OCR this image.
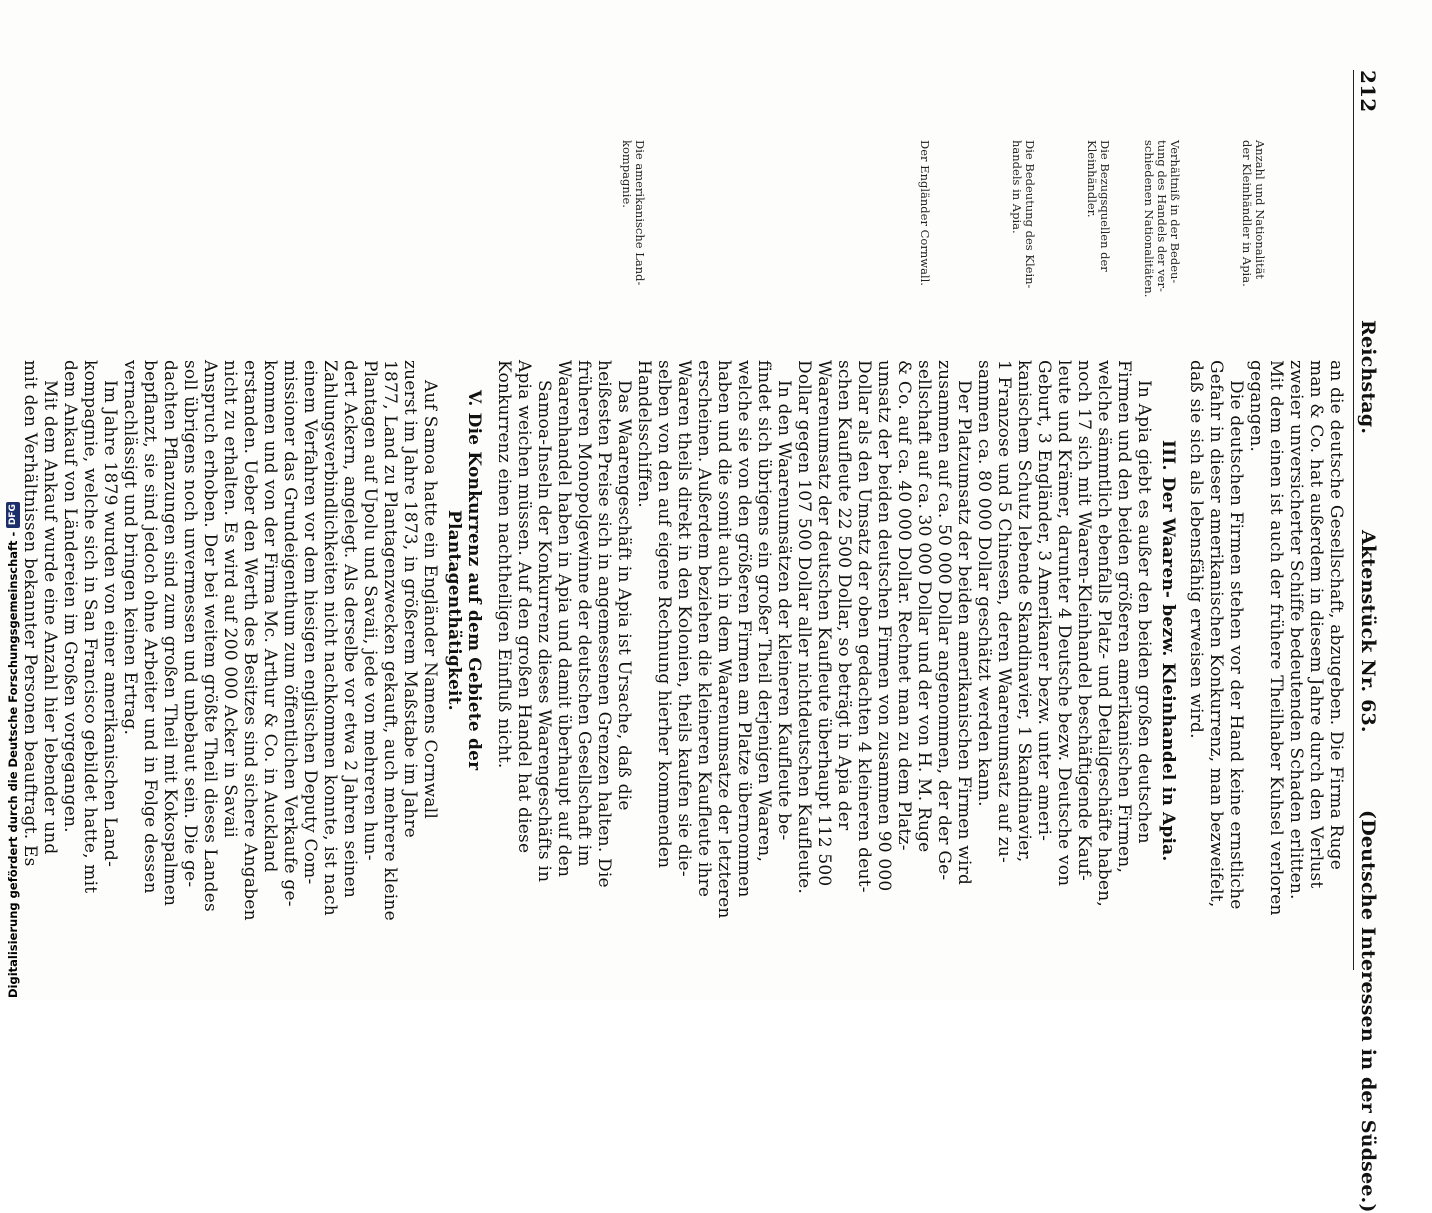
212
Reichstag.
Aktenstück Nr. 63.
(Deutsche Interessen in der Südsee.)
an die deutsche Gesellschaft, abzugeben. Die Firma Ruge
man & Co. hat außerdem in diesem Jahre durch den Verlust
zweier unversicherter Schiffe bedeutenden Schaden erlitten.
Mit dem einen ist auch der frühere Theilhaber Kuhsel verloren
gegangen.
Die deutschen Firmen stehen vor der Hand keine ernstliche
Gefahr in dieser amerikanischen Konkurrenz, man bezweifelt,
daß sie sich als lebensfähig erweisen wird.
III. Der Waaren- bezw. Kleinhandel in Apia.
In Apia giebt es außer den beiden großen deutschen
Firmen und den beiden größeren amerikanischen Firmen,
welche sämmtlich ebenfalls Platz- und Detailgeschäfte haben,
noch 17 sich mit Waaren-Kleinhandel beschäftigende Kauf-
leute und Krämer, darunter 4 Deutsche bezw. Deutsche von
Geburt, 3 Engländer, 3 Amerikaner bezw. unter ameri-
kanischem Schutz lebende Skandinavier, 1 Skandinavier,
1 Franzose und 5 Chinesen, deren Waarenumsatz auf zu-
sammen ca. 80 000 Dollar geschätzt werden kann.
Der Platzumsatz der beiden amerikanischen Firmen wird
zusammen auf ca. 50 000 Dollar angenommen, der der Ge-
sellschaft auf ca. 30 000 Dollar und der von H. M. Ruge
& Co. auf ca. 40 000 Dollar. Rechnet man zu dem Platz-
umsatz der beiden deutschen Firmen von zusammen 90 000
Dollar als den Umsatz der oben gedachten 4 kleineren deut-
schen Kaufleute 22 500 Dollar, so beträgt in Apia der
Waarenumsatz der deutschen Kaufleute überhaupt 112 500
Dollar gegen 107 500 Dollar aller nichtdeutschen Kaufleute.
In den Waarenumsätzen der kleineren Kaufleute be-
findet sich übrigens ein großer Theil derjenigen Waaren,
welche sie von den größeren Firmen am Platze übernommen
haben und die somit auch in dem Waarenumsatze der letzteren
erscheinen. Außerdem beziehen die kleineren Kaufleute ihre
Waaren theils direkt in den Kolonien, theils kaufen sie die-
selben von den auf eigene Rechnung hierher kommenden
Handelsschiffen.
Das Waarengeschäft in Apia ist Ursache, daß die
heißesten Preise sich in angemessenen Grenzen halten. Die
früheren Monopolgewinne der deutschen Gesellschaft im
Waarenhandel haben in Apia und damit überhaupt auf den
Samoa-Inseln der Konkurrenz dieses Waarengeschäfts in
Apia weichen müssen. Auf den großen Handel hat diese
Konkurrenz einen nachtheiligen Einfluß nicht.
V. Die Konkurrenz auf dem Gebiete der
Plantagenthätigkeit.
Auf Samoa hatte ein Engländer Namens Cornwall
zuerst im Jahre 1873, in größerem Maßstabe im Jahre
1877, Land zu Plantagenzwecken gekauft, auch mehrere kleine
Plantagen auf Upolu und Savaii, jede von mehreren hun-
dert Ackern, angelegt. Als derselbe vor etwa 2 Jahren seinen
Zahlungsverbindlichkeiten nicht nachkommen konnte, ist nach
einem Verfahren vor dem hiesigen englischen Deputy Com-
missioner das Grundeigenthum zum öffentlichen Verkaufe ge-
kommen und von der Firma Mc. Arthur & Co. in Auckland
erstanden. Ueber den Werth des Besitzes sind sichere Angaben
nicht zu erhalten. Es wird auf 200 000 Acker in Savaii
Anspruch erhoben. Der bei weitem größte Theil dieses Landes
soll übrigens noch unvermessen und unbebaut sein. Die ge-
dachten Pflanzungen sind zum großen Theil mit Kokospalmen
bepflanzt, sie sind jedoch ohne Arbeiter und in Folge dessen
vernachlässigt und bringen keinen Ertrag.
Im Jahre 1879 wurden von einer amerikanischen Land-
kompagnie, welche sich in San Francisco gebildet hatte, mit
dem Ankauf von Ländereien im Großen vorgegangen.
Mit dem Ankauf wurde eine Anzahl hier lebender und
mit den Verhältnissen bekannter Personen beauftragt. Es
Anzahl und Nationalität
der Kleinhändler in Apia.
Verhältniß in der Bedeu-
tung des Handels der ver-
schiedenen Nationalitäten.
Die Bezugsquellen der
Kleinhändler.
Die Bedeutung des Klein-
handels in Apia.
Der Engländer Cornwall.
Die amerikanische Land-
kompagnie.
Digitalisierung gefördert durch die Deutsche Forschungsgemeinschaft -
DFG
